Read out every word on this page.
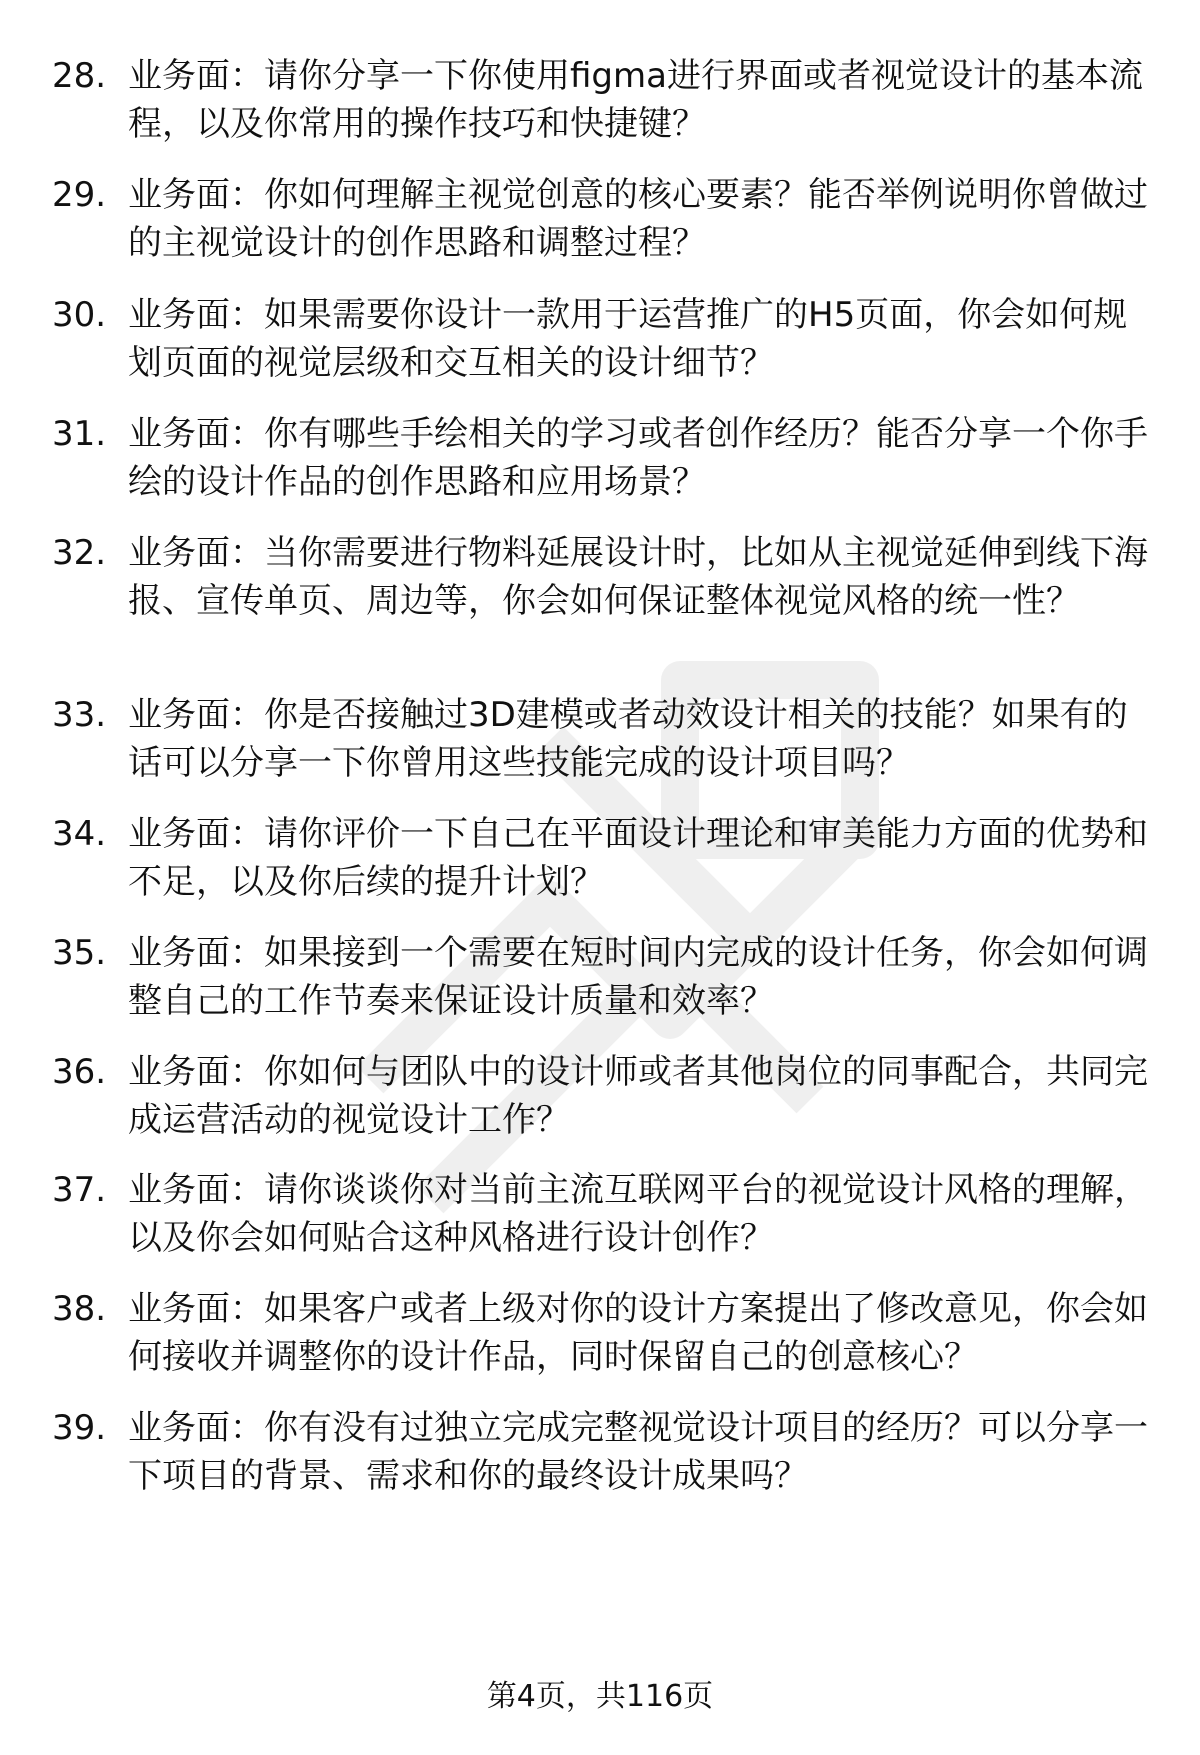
28. 业务面：请你分享一下你使用figma进行界面或者视觉设计的基本流程，以及你常用的操作技巧和快捷键？
29. 业务面：你如何理解主视觉创意的核心要素？能否举例说明你曾做过的主视觉设计的创作思路和调整过程？
30. 业务面：如果需要你设计一款用于运营推广的H5页面，你会如何规划页面的视觉层级和交互相关的设计细节？
31. 业务面：你有哪些手绘相关的学习或者创作经历？能否分享一个你手绘的设计作品的创作思路和应用场景？
32. 业务面：当你需要进行物料延展设计时，比如从主视觉延伸到线下海报、宣传单页、周边等，你会如何保证整体视觉风格的统一性？
33. 业务面：你是否接触过3D建模或者动效设计相关的技能？如果有的话可以分享一下你曾用这些技能完成的设计项目吗？
34. 业务面：请你评价一下自己在平面设计理论和审美能力方面的优势和不足，以及你后续的提升计划？
35. 业务面：如果接到一个需要在短时间内完成的设计任务，你会如何调整自己的工作节奏来保证设计质量和效率？
36. 业务面：你如何与团队中的设计师或者其他岗位的同事配合，共同完成运营活动的视觉设计工作？
37. 业务面：请你谈谈你对当前主流互联网平台的视觉设计风格的理解，以及你会如何贴合这种风格进行设计创作？
38. 业务面：如果客户或者上级对你的设计方案提出了修改意见，你会如何接收并调整你的设计作品，同时保留自己的创意核心？
39. 业务面：你有没有过独立完成完整视觉设计项目的经历？可以分享一下项目的背景、需求和你的最终设计成果吗？
第4页，共116页
